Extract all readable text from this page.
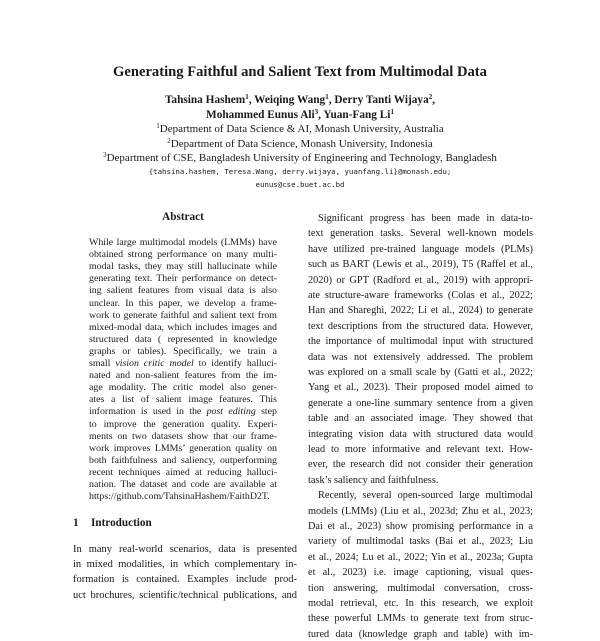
Generating Faithful and Salient Text from Multimodal Data
Tahsina Hashem$^1$, Weiqing Wang$^1$, Derry Tanti Wijaya$^2$,
Mohammed Eunus Ali$^3$, Yuan-Fang Li$^1$
$^1$Department of Data Science & AI, Monash University, Australia
$^2$Department of Data Science, Monash University, Indonesia
$^3$Department of CSE, Bangladesh University of Engineering and Technology, Bangladesh
{tahsina.hashem, Teresa.Wang, derry.wijaya, yuanfang.li}@monash.edu;
eunus@cse.buet.ac.bd
Abstract
While large multimodal models (LMMs) have
obtained strong performance on many multi-
modal tasks, they may still hallucinate while
generating text. Their performance on detect-
ing salient features from visual data is also
unclear. In this paper, we develop a frame-
work to generate faithful and salient text from
mixed-modal data, which includes images and
structured data ( represented in knowledge
graphs or tables). Specifically, we train a
small vision critic model to identify halluci-
nated and non-salient features from the im-
age modality. The critic model also gener-
ates a list of salient image features. This
information is used in the post editing step
to improve the generation quality. Experi-
ments on two datasets show that our frame-
work improves LMMs’ generation quality on
both faithfulness and saliency, outperforming
recent techniques aimed at reducing halluci-
nation. The dataset and code are available at
https://github.com/TahsinaHashem/FaithD2T.
1 Introduction
In many real-world scenarios, data is presented
in mixed modalities, in which complementary in-
formation is contained. Examples include prod-
uct brochures, scientific/technical publications, and
Significant progress has been made in data-to-
text generation tasks. Several well-known models
have utilized pre-trained language models (PLMs)
such as BART (Lewis et al., 2019), T5 (Raffel et al.,
2020) or GPT (Radford et al., 2019) with appropri-
ate structure-aware frameworks (Colas et al., 2022;
Han and Shareghi, 2022; Li et al., 2024) to generate
text descriptions from the structured data. However,
the importance of multimodal input with structured
data was not extensively addressed. The problem
was explored on a small scale by (Gatti et al., 2022;
Yang et al., 2023). Their proposed model aimed to
generate a one-line summary sentence from a given
table and an associated image. They showed that
integrating vision data with structured data would
lead to more informative and relevant text. How-
ever, the research did not consider their generation
task’s saliency and faithfulness.
Recently, several open-sourced large multimodal
models (LMMs) (Liu et al., 2023d; Zhu et al., 2023;
Dai et al., 2023) show promising performance in a
variety of multimodal tasks (Bai et al., 2023; Liu
et al., 2024; Lu et al., 2022; Yin et al., 2023a; Gupta
et al., 2023) i.e. image captioning, visual ques-
tion answering, multimodal conversation, cross-
modal retrieval, etc. In this research, we exploit
these powerful LMMs to generate text from struc-
tured data (knowledge graph and table) with im-
